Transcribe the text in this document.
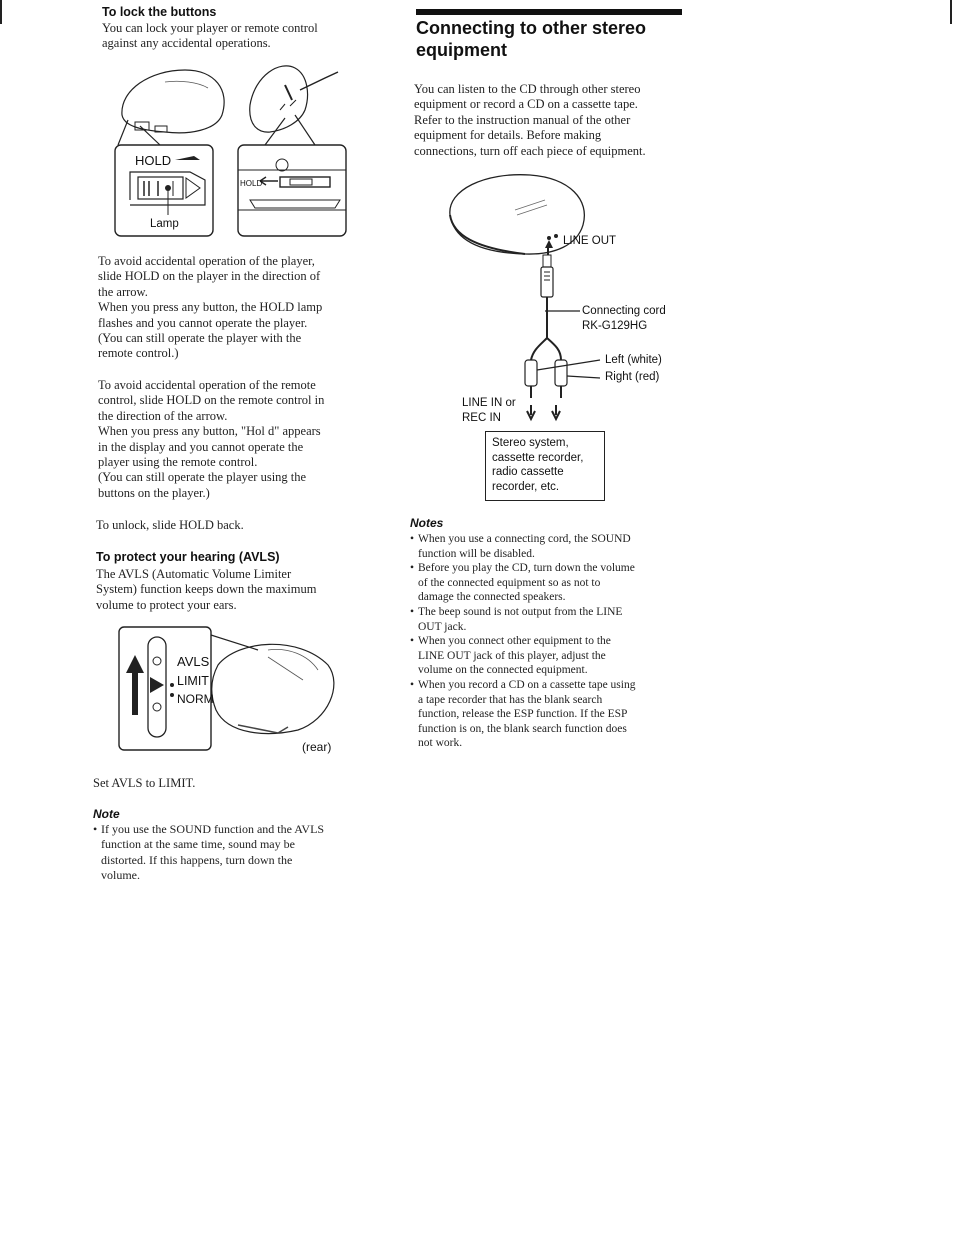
To lock the buttons

You can lock your player or remote control

against any accidental operations.

HOLD
Lamp
HOLD

To avoid accidental operation of the player,

slide HOLD on the player in the direction of

the arrow.

When you press any button, the HOLD lamp

flashes and you cannot operate the player.

(You can still operate the player with the

remote control.)

To avoid accidental operation of the remote

control, slide HOLD on the remote control in

the direction of the arrow.

When you press any button, "Hol d" appears

in the display and you cannot operate the

player using the remote control.

(You can still operate the player using the

buttons on the player.)

To unlock, slide HOLD back.
To protect your hearing (AVLS)

The AVLS (Automatic Volume Limiter

System) function keeps down the maximum

volume to protect your ears.

AVLS
LIMIT
NORM
(rear)
Set AVLS to LIMIT.
Note
• If you use the SOUND function and the AVLS
function at the same time, sound may be
distorted. If this happens, turn down the
volume.
Connecting to other stereo
equipment

You can listen to the CD through other stereo

equipment or record a CD on a cassette tape.

Refer to the instruction manual of the other

equipment for details. Before making

connections, turn off each piece of equipment.

LINE OUT
Connecting cord
RK-G129HG
Left (white)
Right (red)
LINE IN or
REC IN
Stereo system,
cassette recorder,
radio cassette
recorder, etc.
Notes
• When you use a connecting cord, the SOUND
function will be disabled.
• Before you play the CD, turn down the volume
of the connected equipment so as not to
damage the connected speakers.
• The beep sound is not output from the LINE
OUT jack.
• When you connect other equipment to the
LINE OUT jack of this player, adjust the
volume on the connected equipment.
• When you record a CD on a cassette tape using
a tape recorder that has the blank search
function, release the ESP function. If the ESP
function is on, the blank search function does
not work.
